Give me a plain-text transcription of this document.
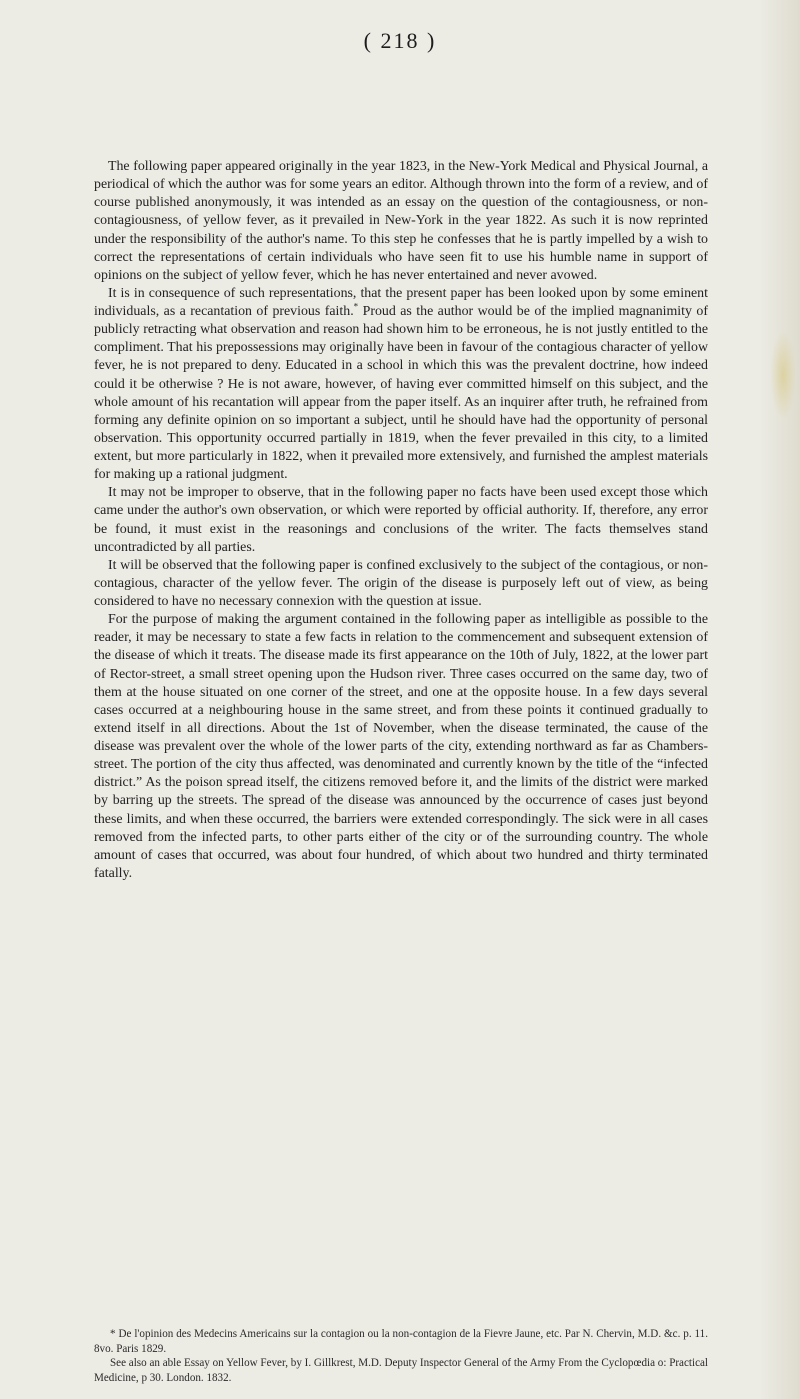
( 218 )

The following paper appeared originally in the year 1823, in the New-York Medical and Physical Journal, a periodical of which the author was for some years an editor. Although thrown into the form of a review, and of course published anonymously, it was intended as an essay on the question of the contagiousness, or non-contagiousness, of yellow fever, as it prevailed in New-York in the year 1822. As such it is now reprinted under the responsibility of the author's name. To this step he confesses that he is partly impelled by a wish to correct the representations of certain individuals who have seen fit to use his humble name in support of opinions on the subject of yellow fever, which he has never entertained and never avowed.

It is in consequence of such representations, that the present paper has been looked upon by some eminent individuals, as a recantation of previous faith.* Proud as the author would be of the implied magnanimity of publicly retracting what observation and reason had shown him to be erroneous, he is not justly entitled to the compliment. That his prepossessions may originally have been in favour of the contagious character of yellow fever, he is not prepared to deny. Educated in a school in which this was the prevalent doctrine, how indeed could it be otherwise ? He is not aware, however, of having ever committed himself on this subject, and the whole amount of his recantation will appear from the paper itself. As an inquirer after truth, he refrained from forming any definite opinion on so important a subject, until he should have had the opportunity of personal observation. This opportunity occurred partially in 1819, when the fever prevailed in this city, to a limited extent, but more particularly in 1822, when it prevailed more extensively, and furnished the amplest materials for making up a rational judgment.

It may not be improper to observe, that in the following paper no facts have been used except those which came under the author's own observation, or which were reported by official authority. If, therefore, any error be found, it must exist in the reasonings and conclusions of the writer. The facts themselves stand uncontradicted by all parties.

It will be observed that the following paper is confined exclusively to the subject of the contagious, or non-contagious, character of the yellow fever. The origin of the disease is purposely left out of view, as being considered to have no necessary connexion with the question at issue.

For the purpose of making the argument contained in the following paper as intelligible as possible to the reader, it may be necessary to state a few facts in relation to the commencement and subsequent extension of the disease of which it treats. The disease made its first appearance on the 10th of July, 1822, at the lower part of Rector-street, a small street opening upon the Hudson river. Three cases occurred on the same day, two of them at the house situated on one corner of the street, and one at the opposite house. In a few days several cases occurred at a neighbouring house in the same street, and from these points it continued gradually to extend itself in all directions. About the 1st of November, when the disease terminated, the cause of the disease was prevalent over the whole of the lower parts of the city, extending northward as far as Chambers-street. The portion of the city thus affected, was denominated and currently known by the title of the “infected district.” As the poison spread itself, the citizens removed before it, and the limits of the district were marked by barring up the streets. The spread of the disease was announced by the occurrence of cases just beyond these limits, and when these occurred, the barriers were extended correspondingly. The sick were in all cases removed from the infected parts, to other parts either of the city or of the surrounding country. The whole amount of cases that occurred, was about four hundred, of which about two hundred and thirty terminated fatally.

* De l'opinion des Medecins Americains sur la contagion ou la non-contagion de la Fievre Jaune, etc. Par N. Chervin, M.D. &c. p. 11. 8vo. Paris 1829.

See also an able Essay on Yellow Fever, by I. Gillkrest, M.D. Deputy Inspector General of the Army From the Cyclopœdia o: Practical Medicine, p 30. London. 1832.
